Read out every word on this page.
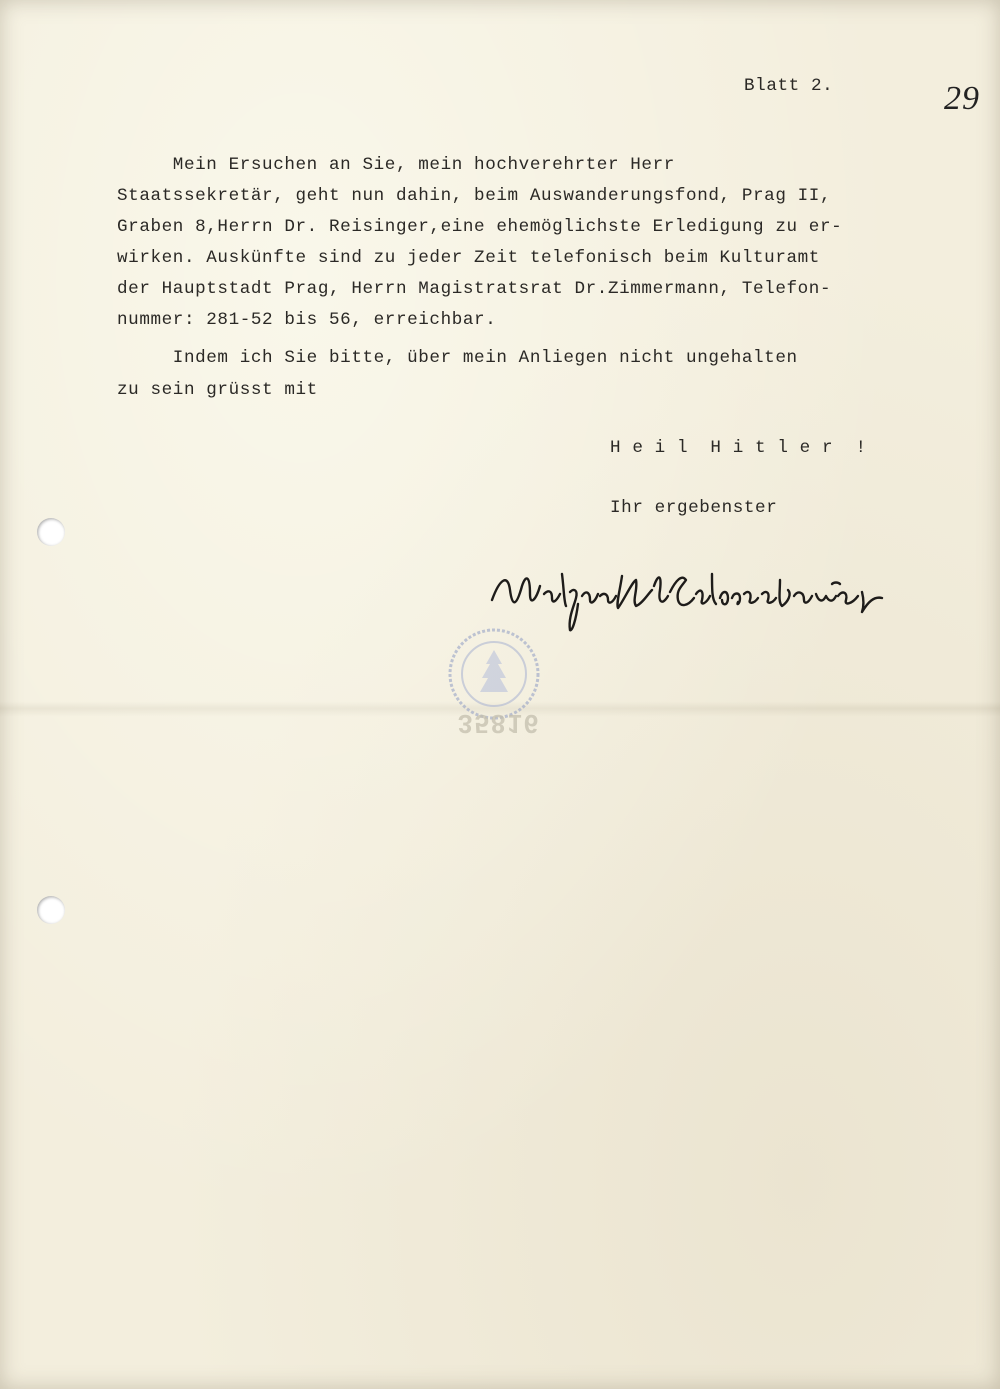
Blatt 2.	29
Mein Ersuchen an Sie, mein hochverehrter Herr
Staatssekretär, geht nun dahin, beim Auswanderungsfond, Prag II,
Graben 8,Herrn Dr. Reisinger,eine ehemöglichste Erledigung zu er-
wirken. Auskünfte sind zu jeder Zeit telefonisch beim Kulturamt
der Hauptstadt Prag, Herrn Magistratsrat Dr.Zimmermann, Telefon-
nummer: 281-52 bis 56, erreichbar.
Indem ich Sie bitte, über mein Anliegen nicht ungehalten
zu sein grüsst mit
H e i l  H i t l e r  !
Ihr ergebenster
35816
